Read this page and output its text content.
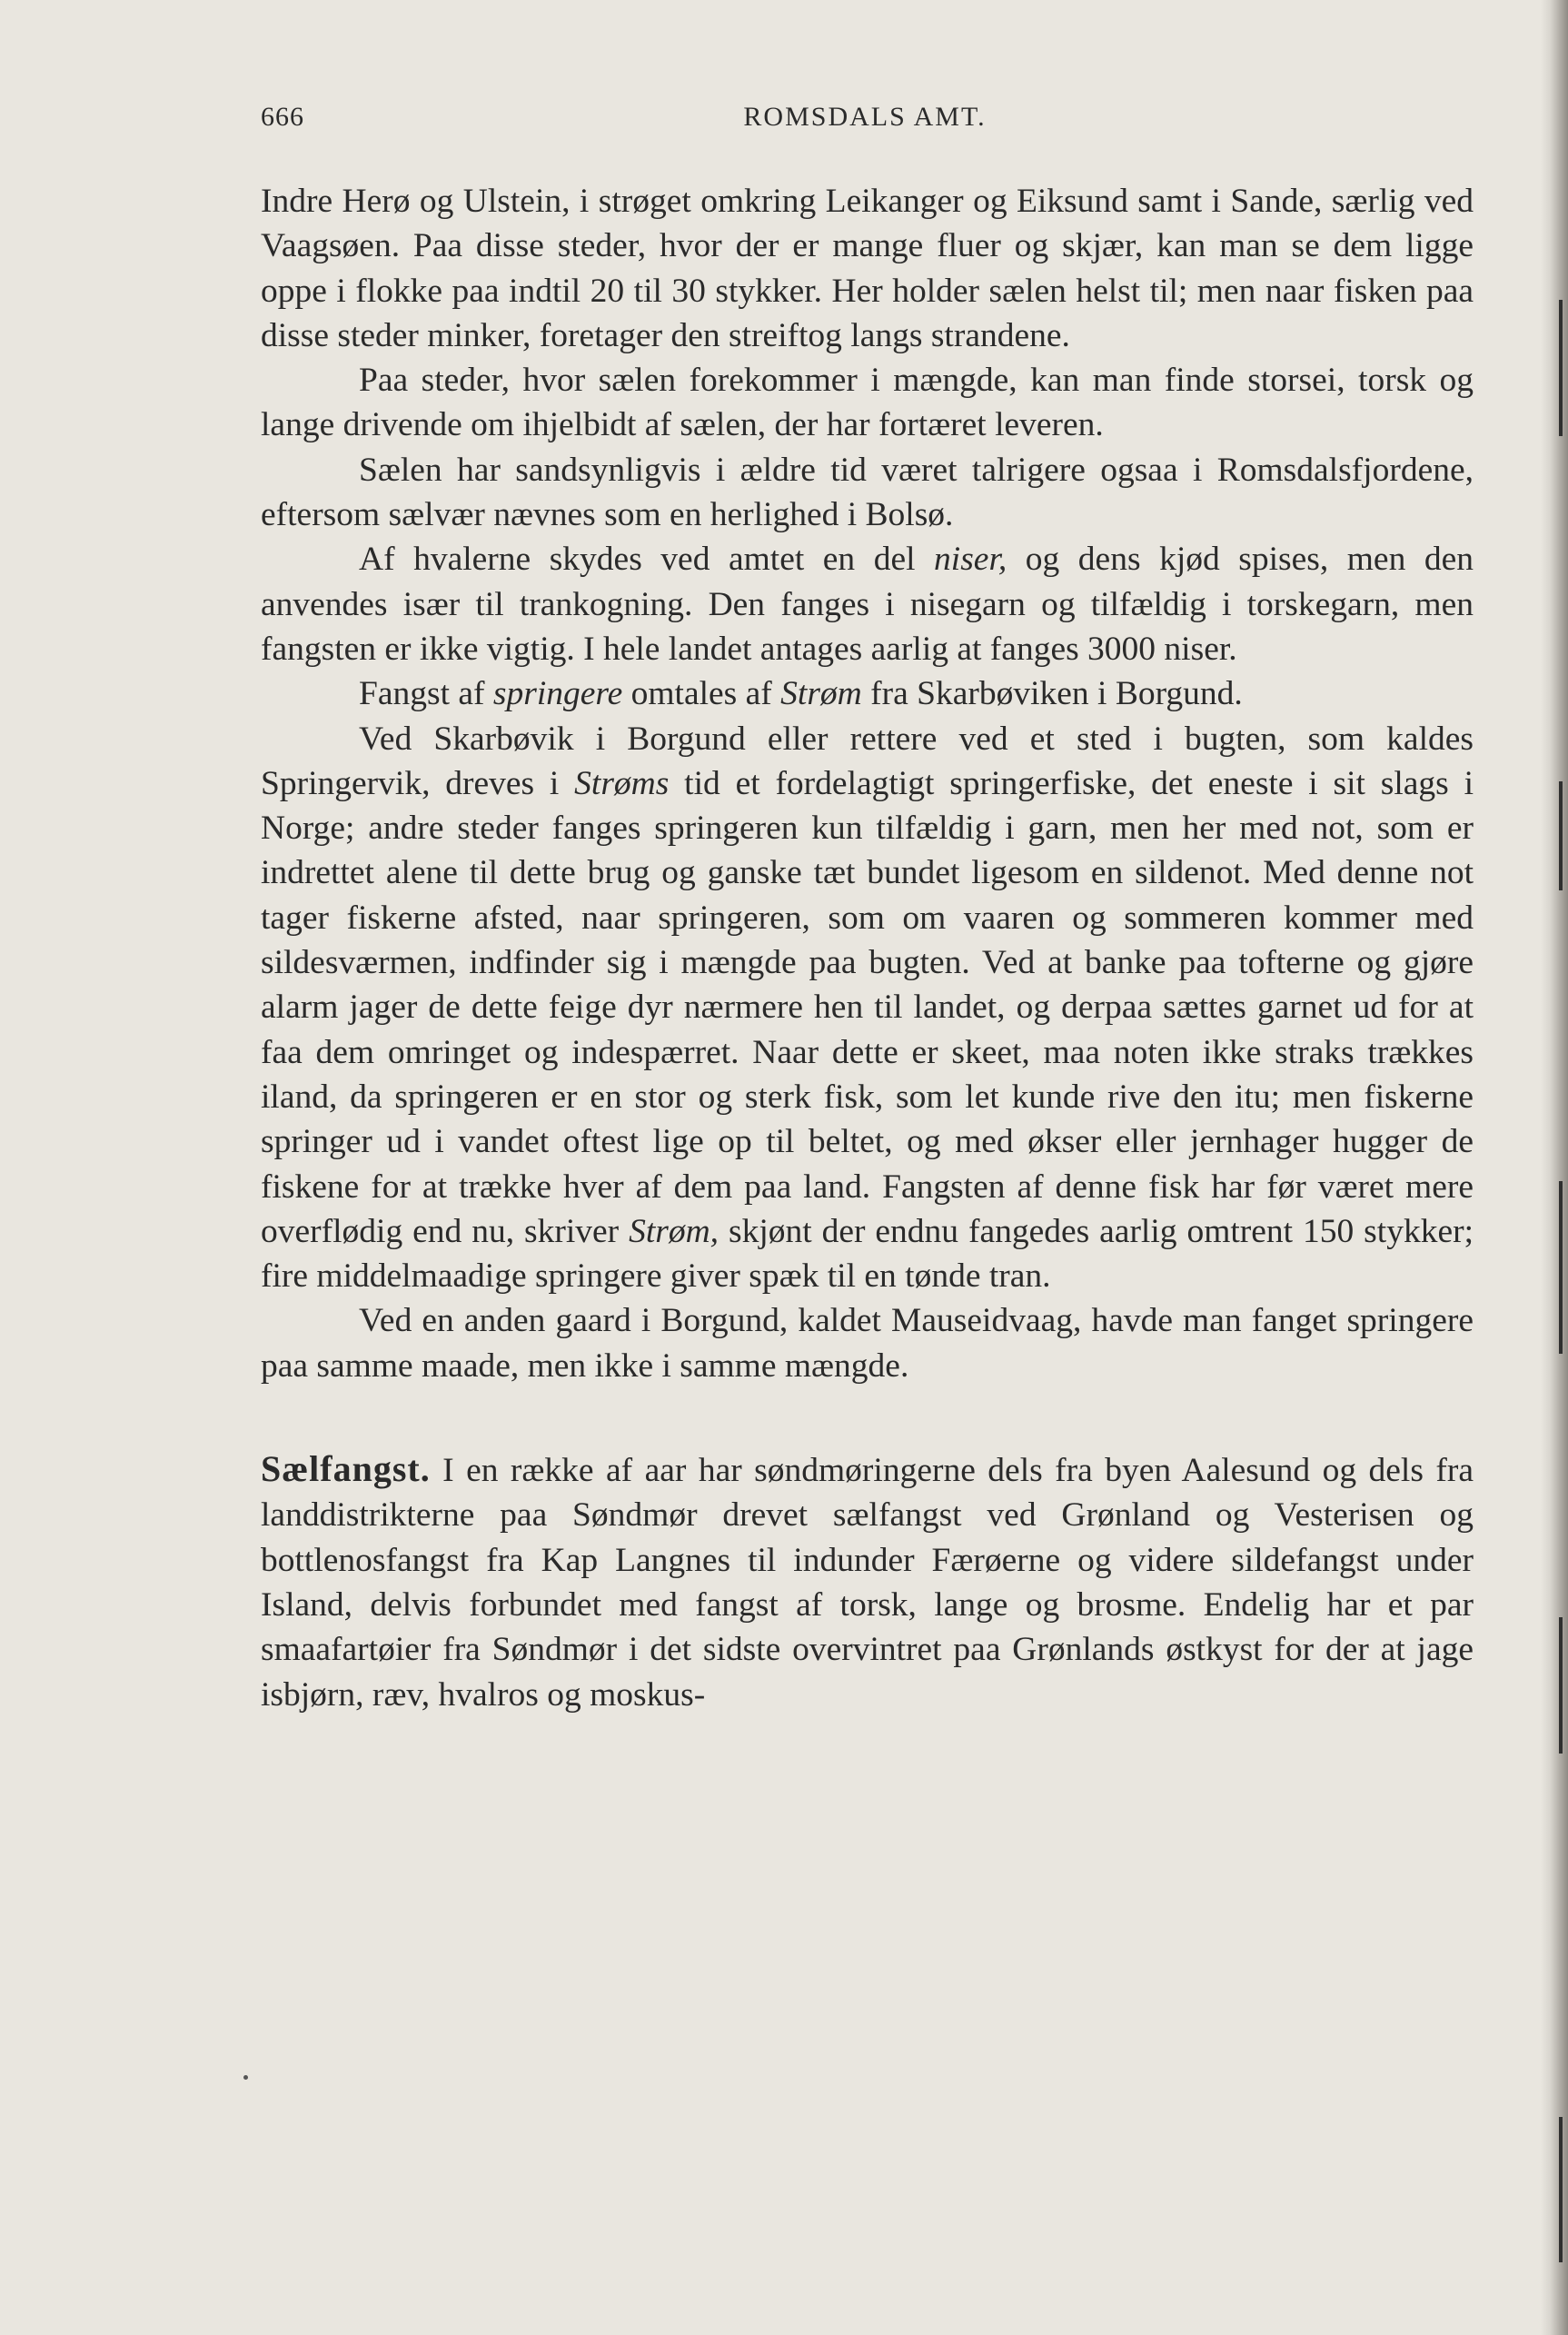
666	ROMSDALS AMT.

Indre Herø og Ulstein, i strøget omkring Leikanger og Eiksund samt i Sande, særlig ved Vaagsøen. Paa disse steder, hvor der er mange fluer og skjær, kan man se dem ligge oppe i flokke paa indtil 20 til 30 stykker. Her holder sælen helst til; men naar fisken paa disse steder minker, foretager den streiftog langs strandene.

Paa steder, hvor sælen forekommer i mængde, kan man finde storsei, torsk og lange drivende om ihjelbidt af sælen, der har fortæret leveren.

Sælen har sandsynligvis i ældre tid været talrigere ogsaa i Romsdalsfjordene, eftersom sælvær nævnes som en herlighed i Bolsø.

Af hvalerne skydes ved amtet en del niser, og dens kjød spises, men den anvendes især til trankogning. Den fanges i nisegarn og tilfældig i torskegarn, men fangsten er ikke vigtig. I hele landet antages aarlig at fanges 3000 niser.

Fangst af springere omtales af Strøm fra Skarbøviken i Borgund.

Ved Skarbøvik i Borgund eller rettere ved et sted i bugten, som kaldes Springervik, dreves i Strøms tid et fordelagtigt springerfiske, det eneste i sit slags i Norge; andre steder fanges springeren kun tilfældig i garn, men her med not, som er indrettet alene til dette brug og ganske tæt bundet ligesom en sildenot. Med denne not tager fiskerne afsted, naar springeren, som om vaaren og sommeren kommer med sildesværmen, indfinder sig i mængde paa bugten. Ved at banke paa tofterne og gjøre alarm jager de dette feige dyr nærmere hen til landet, og derpaa sættes garnet ud for at faa dem omringet og indespærret. Naar dette er skeet, maa noten ikke straks trækkes iland, da springeren er en stor og sterk fisk, som let kunde rive den itu; men fiskerne springer ud i vandet oftest lige op til beltet, og med økser eller jernhager hugger de fiskene for at trække hver af dem paa land. Fangsten af denne fisk har før været mere overflødig end nu, skriver Strøm, skjønt der endnu fangedes aarlig omtrent 150 stykker; fire middelmaadige springere giver spæk til en tønde tran.

Ved en anden gaard i Borgund, kaldet Mauseidvaag, havde man fanget springere paa samme maade, men ikke i samme mængde.

Sælfangst. I en række af aar har søndmøringerne dels fra byen Aalesund og dels fra landdistrikterne paa Søndmør drevet sælfangst ved Grønland og Vesterisen og bottlenosfangst fra Kap Langnes til indunder Færøerne og videre sildefangst under Island, delvis forbundet med fangst af torsk, lange og brosme. Endelig har et par smaafartøier fra Søndmør i det sidste overvintret paa Grønlands østkyst for der at jage isbjørn, ræv, hvalros og moskus-
